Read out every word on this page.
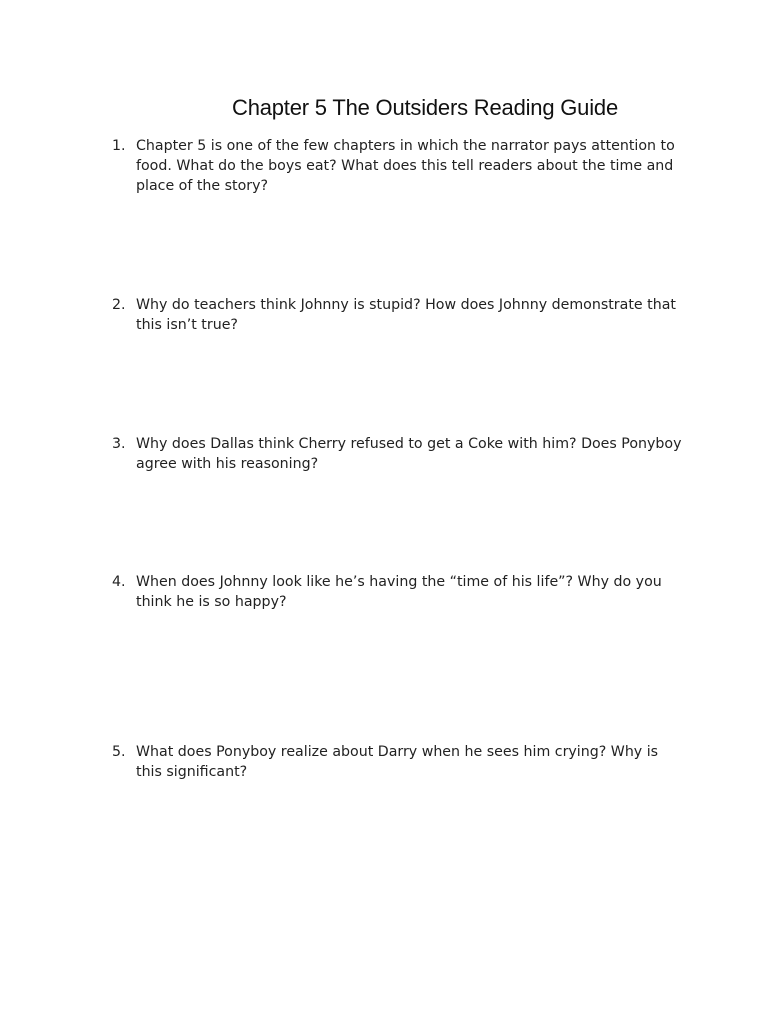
Chapter 5 The Outsiders Reading Guide
1. Chapter 5 is one of the few chapters in which the narrator pays attention to food. What do the boys eat? What does this tell readers about the time and place of the story?
2. Why do teachers think Johnny is stupid? How does Johnny demonstrate that this isn’t true?
3. Why does Dallas think Cherry refused to get a Coke with him? Does Ponyboy agree with his reasoning?
4. When does Johnny look like he’s having the “time of his life”? Why do you think he is so happy?
5. What does Ponyboy realize about Darry when he sees him crying? Why is this significant?
